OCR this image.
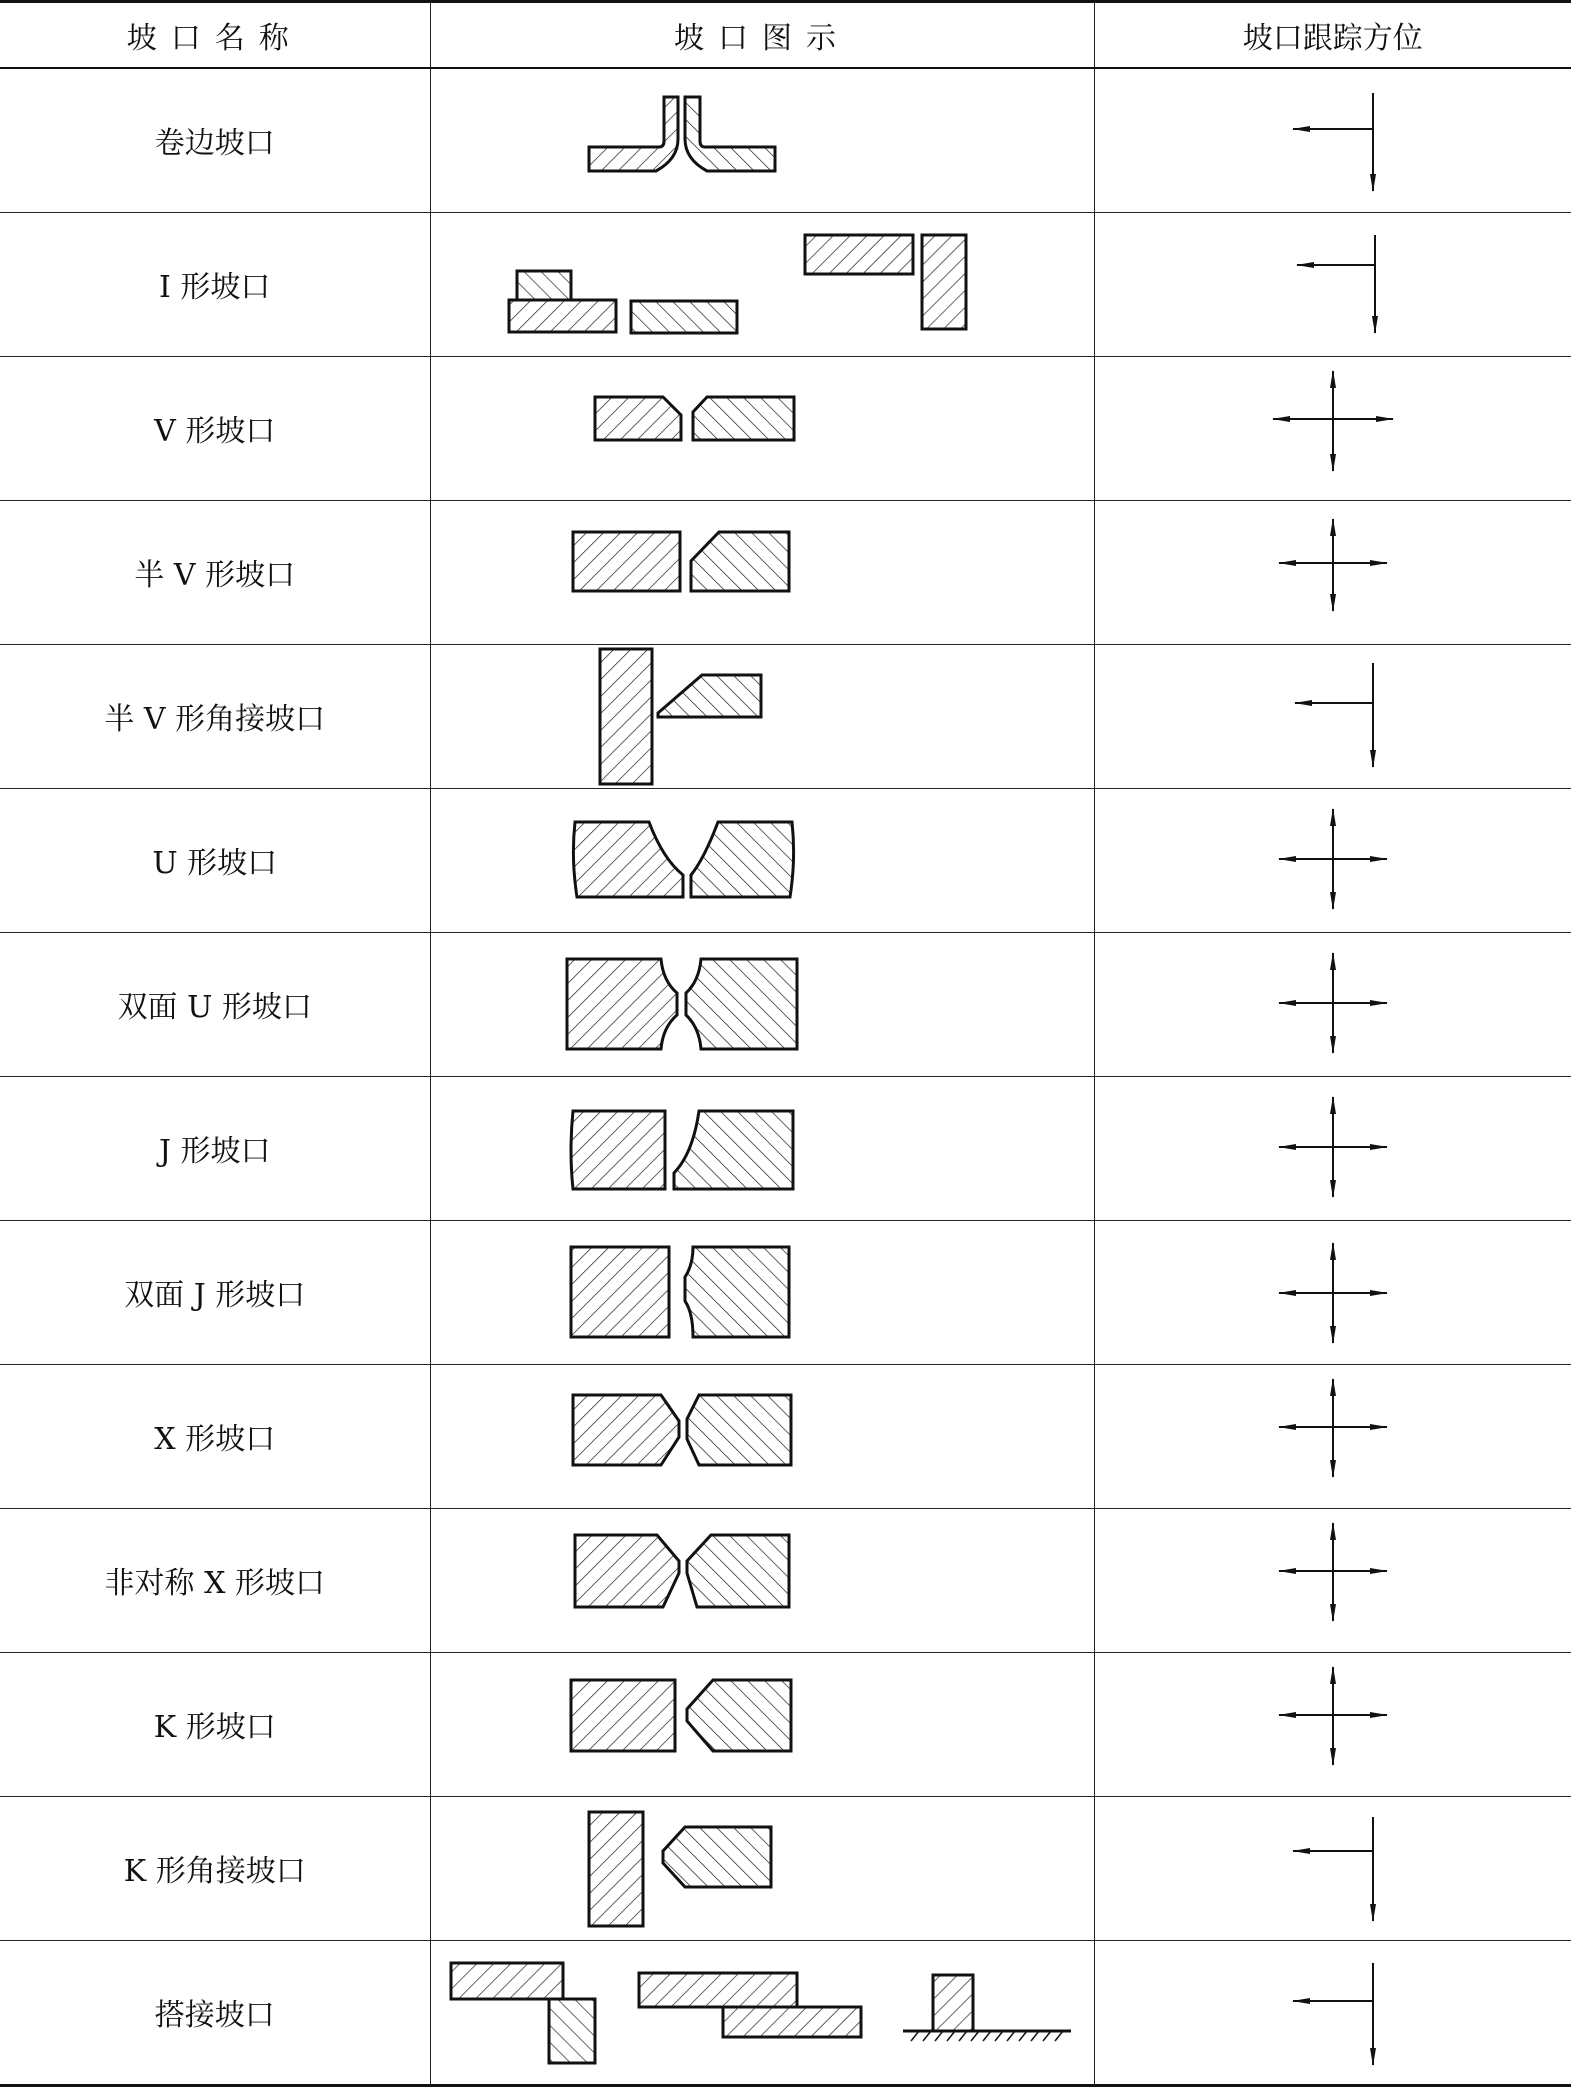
坡口名称	坡口图示	坡口跟踪方位
卷边坡口	

I 形坡口	

V 形坡口	

半 V 形坡口	

半 V 形角接坡口	

U 形坡口	

双面 U 形坡口	

J 形坡口	

双面 J 形坡口	

X 形坡口	

非对称 X 形坡口	

K 形坡口	

K 形角接坡口	

搭接坡口	
